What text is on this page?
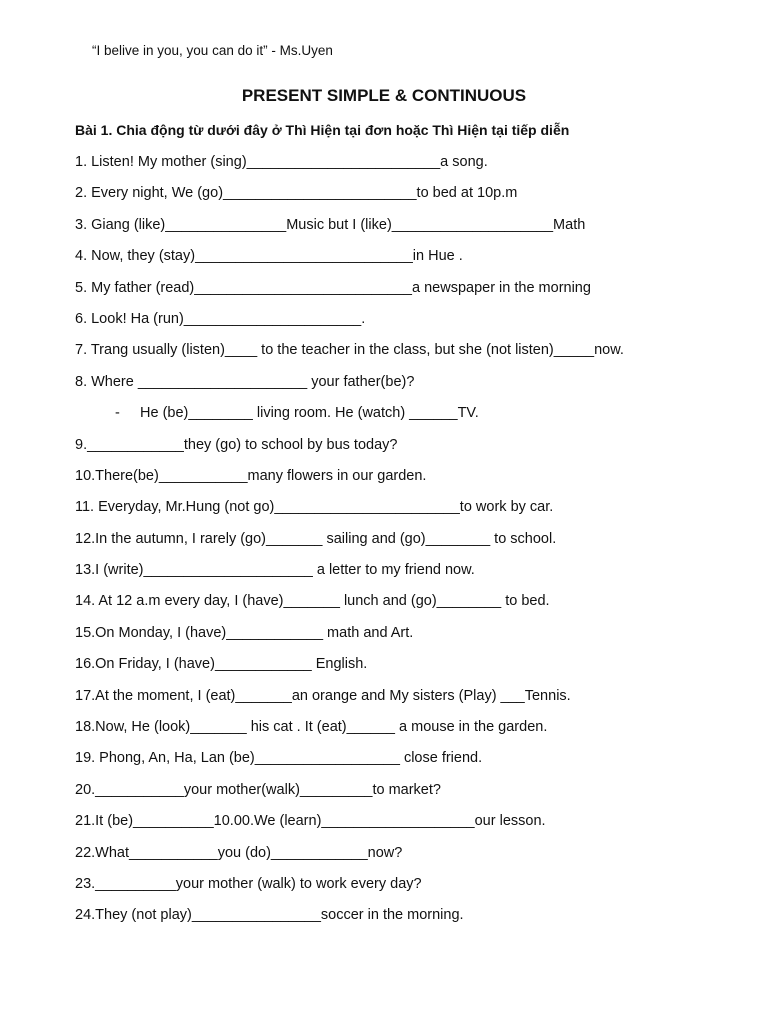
“I belive in you, you can do it” - Ms.Uyen
PRESENT SIMPLE & CONTINUOUS
Bài 1. Chia động từ dưới đây ở Thì Hiện tại đơn hoặc Thì Hiện tại tiếp diễn
1. Listen! My mother (sing)________________________a song.
2. Every night, We (go)________________________to bed at 10p.m
3. Giang (like)_______________Music but I (like)____________________Math
4. Now, they (stay)___________________________in Hue .
5. My father (read)___________________________a newspaper in the morning
6. Look! Ha (run)______________________.
7. Trang usually (listen)____ to the teacher in the class, but she (not listen)_____now.
8. Where _____________________ your father(be)?
- He (be)________ living room. He (watch) ______TV.
9.____________they (go) to school by bus today?
10.There(be)___________many flowers in our garden.
11. Everyday, Mr.Hung (not go)_______________________to work by car.
12.In the autumn, I rarely (go)_______ sailing and (go)________ to school.
13.I (write)_____________________ a letter to my friend now.
14. At 12 a.m every day, I (have)_______ lunch and (go)________ to bed.
15.On Monday, I (have)____________ math and Art.
16.On Friday, I (have)____________ English.
17.At the moment, I (eat)_______an orange and My sisters (Play) ___Tennis.
18.Now, He (look)_______ his cat . It (eat)______ a mouse in the garden.
19. Phong, An, Ha, Lan (be)__________________ close friend.
20.___________your mother(walk)_________to market?
21.It (be)__________10.00.We (learn)___________________our lesson.
22.What___________you (do)____________now?
23.__________your mother (walk) to work every day?
24.They (not play)________________soccer in the morning.
